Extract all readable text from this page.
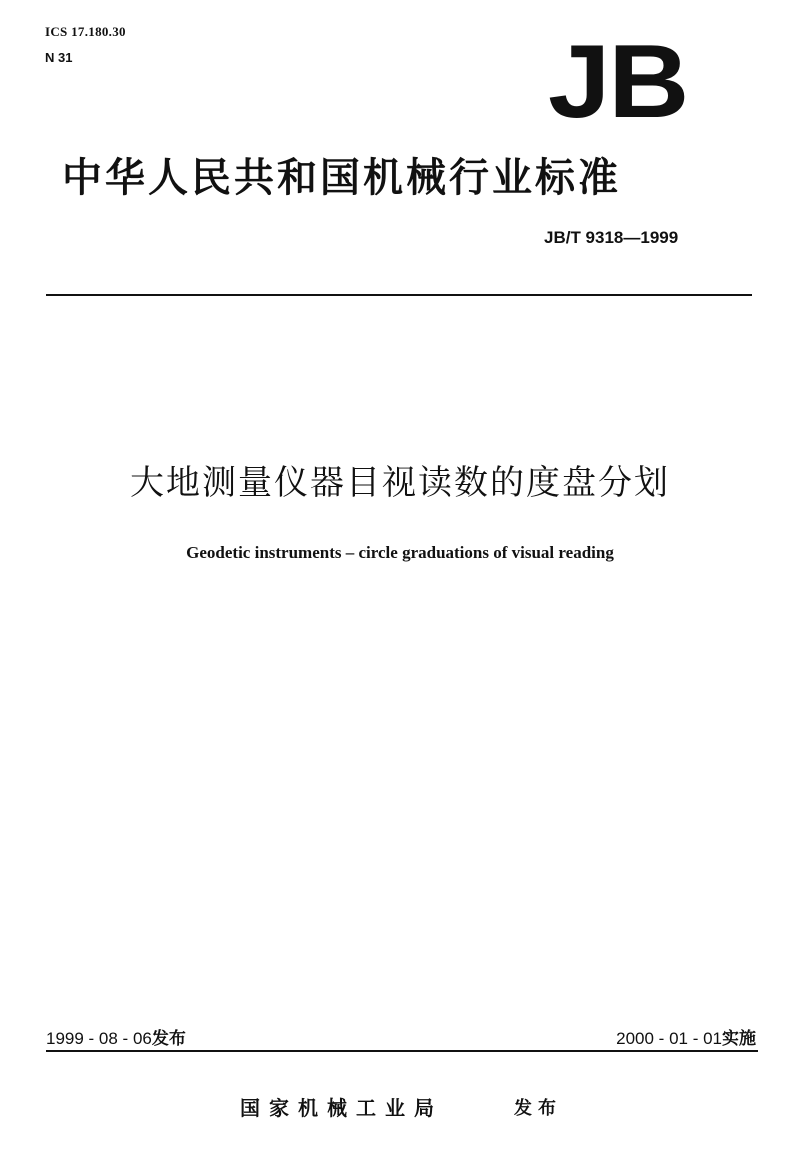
ICS 17.180.30
N 31	JB
中华人民共和国机械行业标准
JB/T 9318—1999
大地测量仪器目视读数的度盘分划
Geodetic instruments – circle graduations of visual reading
1999 - 08 - 06发布	2000 - 01 - 01实施
国家机械工业局	发布
